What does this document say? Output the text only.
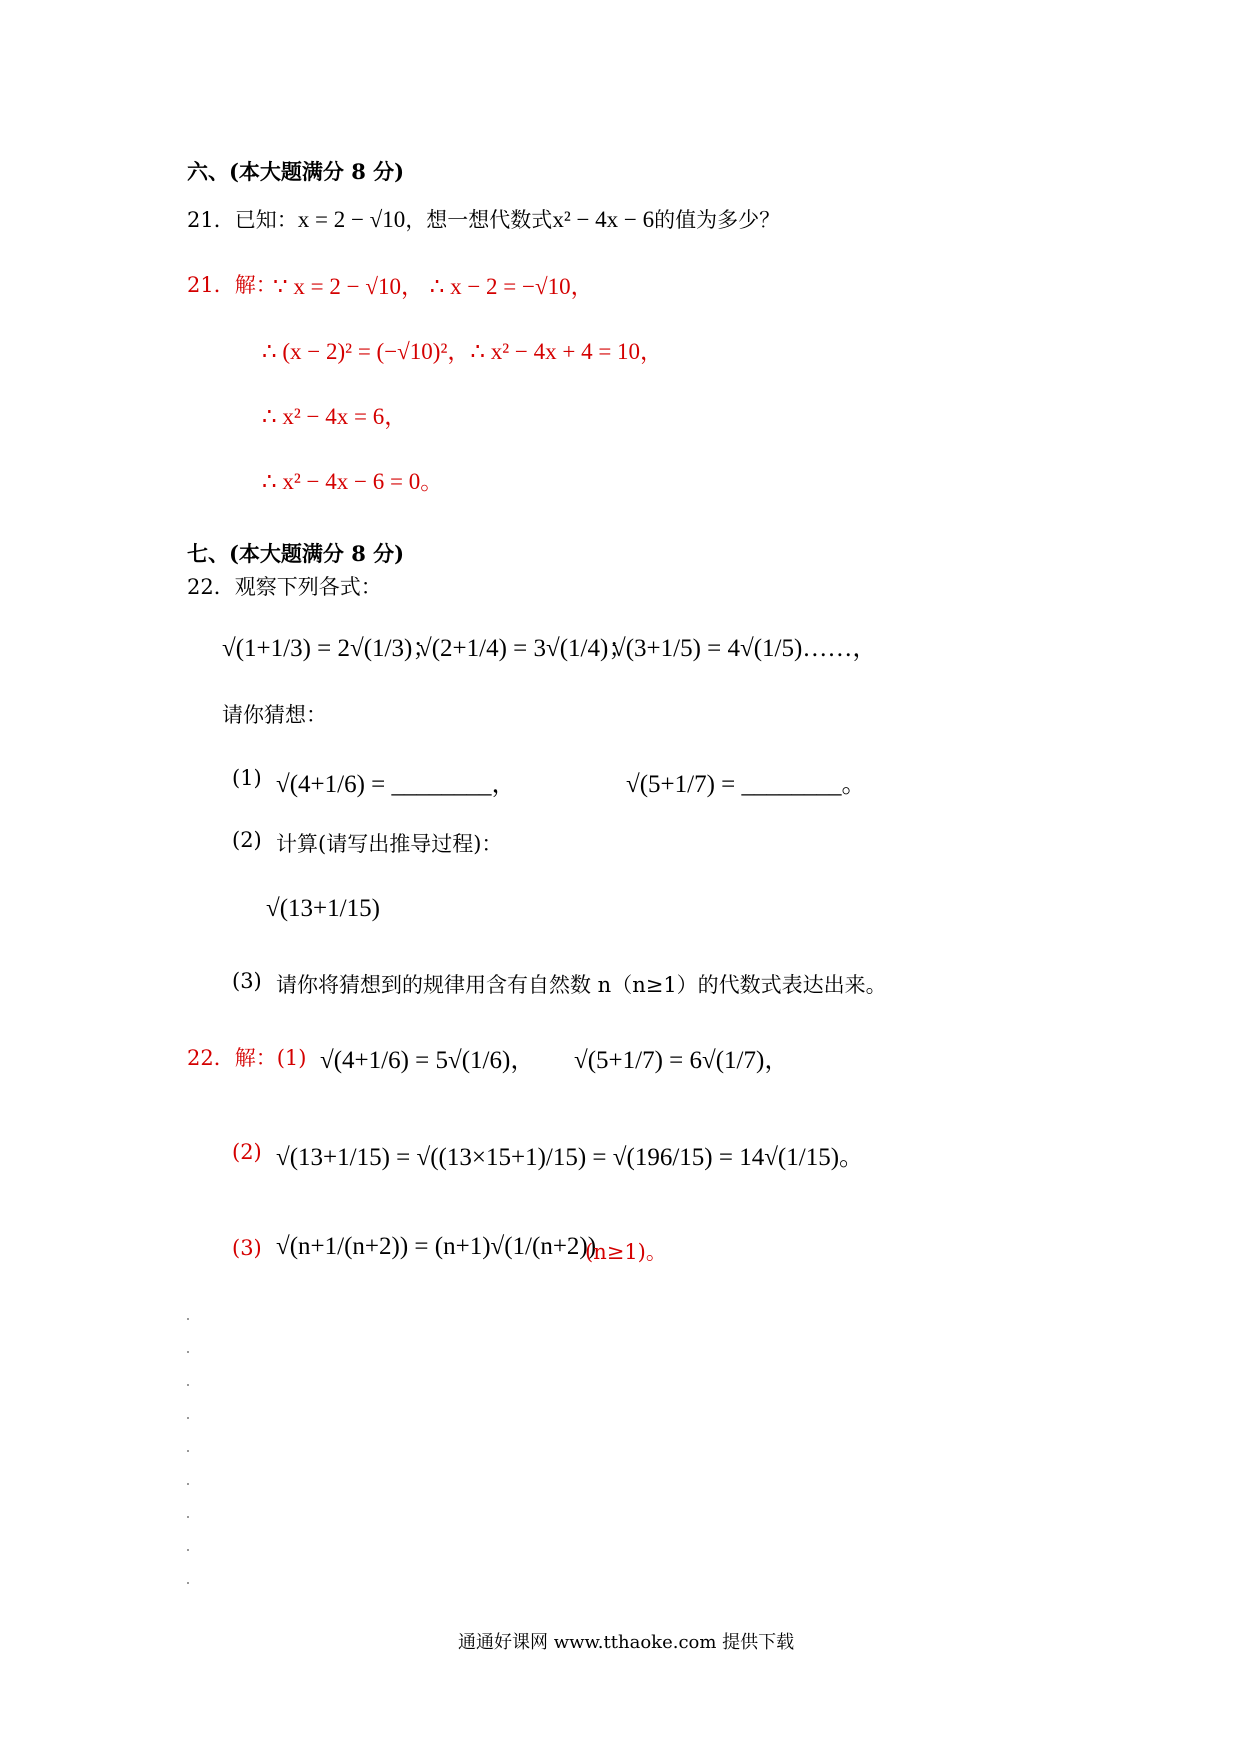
六、(本大题满分 8 分)
21．已知：x = 2 − √10，想一想代数式x² − 4x − 6的值为多少？
21．解：
∵ x = 2 − √10， ∴ x − 2 = −√10，
∴ (x − 2)² = (−√10)²，∴ x² − 4x + 4 = 10，
∴ x² − 4x = 6，
∴ x² − 4x − 6 = 0。
七、(本大题满分 8 分)
22．观察下列各式：
√(1+1/3) = 2√(1/3)；
√(2+1/4) = 3√(1/4)；
√(3+1/5) = 4√(1/5)……，
请你猜想：
(1) √(4+1/6) = ________，	√(5+1/7) = ________。
(2) 计算(请写出推导过程)：
√(13+1/15)
(3) 请你将猜想到的规律用含有自然数 n（n≥1）的代数式表达出来。
22．解：(1) √(4+1/6) = 5√(1/6)， √(5+1/7) = 6√(1/7)，
(2) √(13+1/15) = √((13×15+1)/15) = √(196/15) = 14√(1/15)。
(3) √(n+1/(n+2)) = (n+1)√(1/(n+2))
(n≥1)。
通通好课网 www.tthaoke.com 提供下载
